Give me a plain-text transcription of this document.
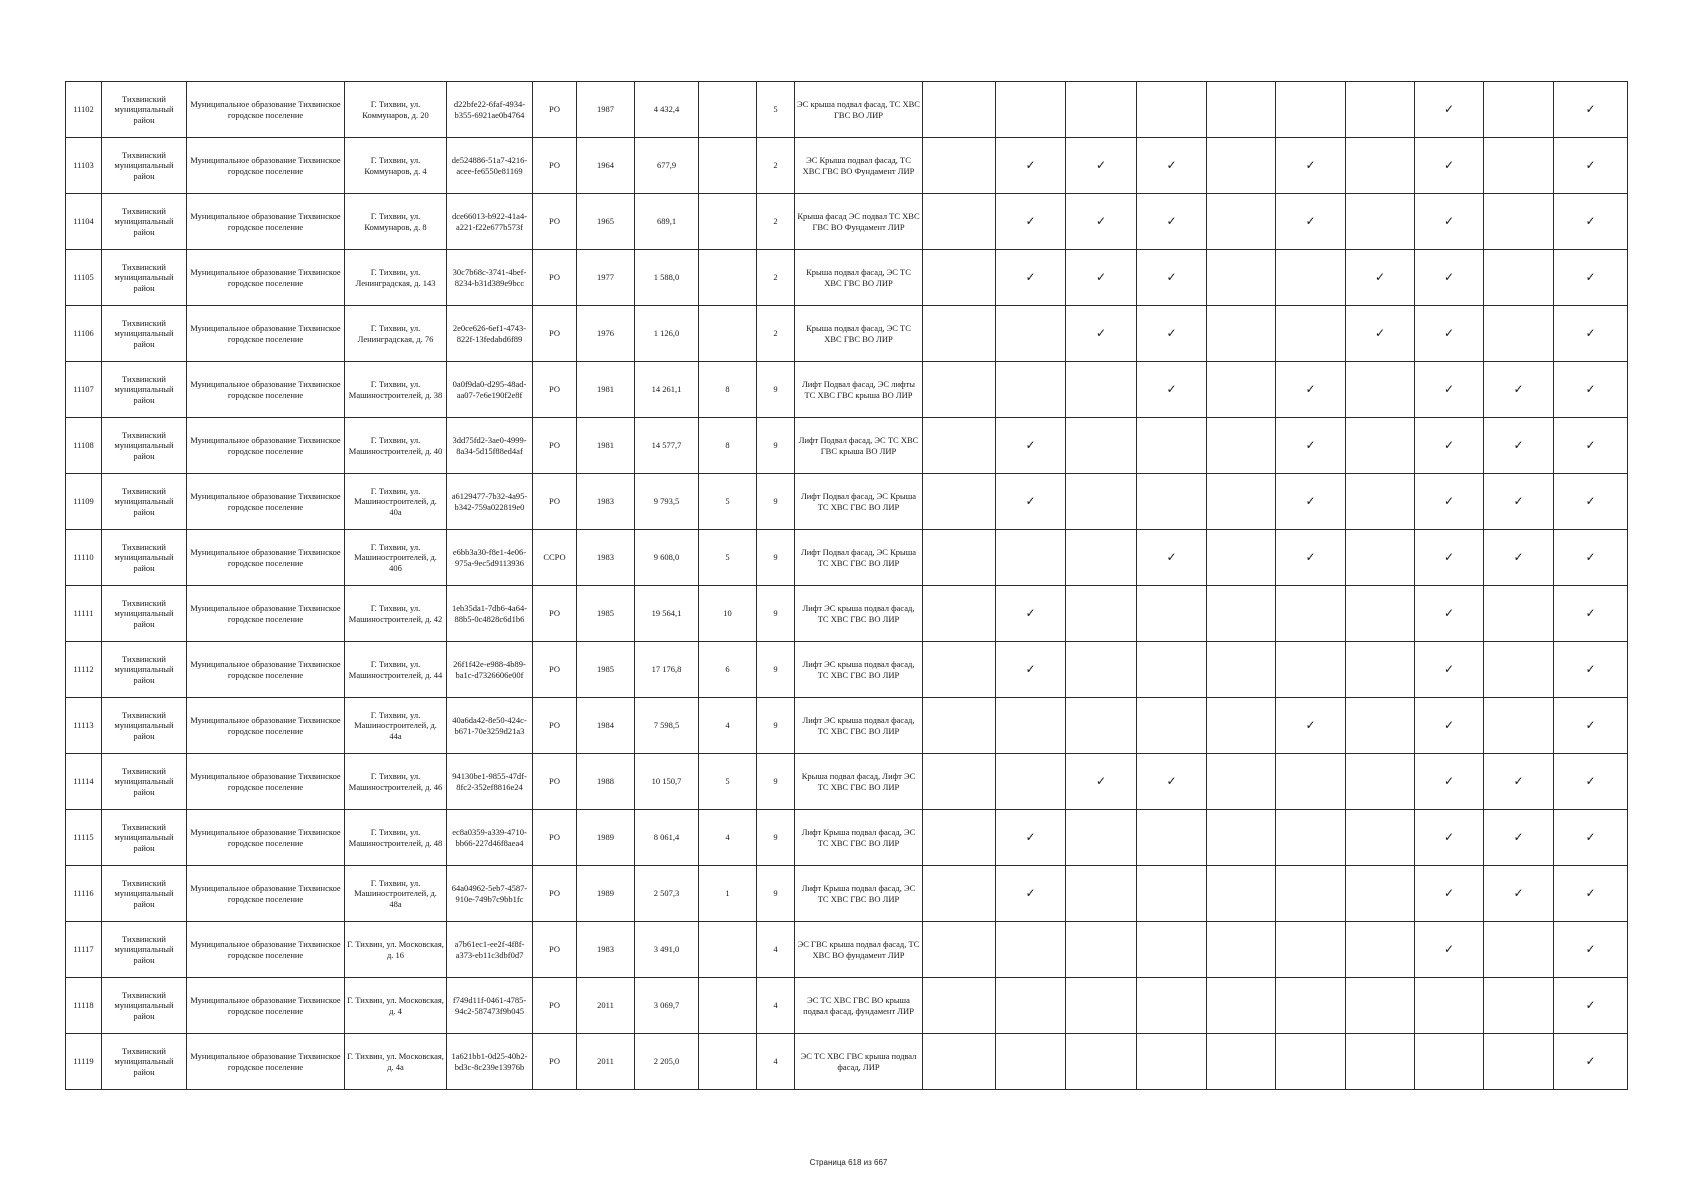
11102	Тихвинский муниципальный район	Муниципальное образование Тихвинское городское поселение	Г. Тихвин, ул. Коммунаров, д. 20	d22bfe22-6faf-4934-b355-6921ae0b4764	РО	1987	4 432,4		5	ЭС крыша подвал фасад, ТС ХВС ГВС ВО ЛИР								✓		✓
11103	Тихвинский муниципальный район	Муниципальное образование Тихвинское городское поселение	Г. Тихвин, ул. Коммунаров, д. 4	de524886-51a7-4216-acee-fe6550e81169	РО	1964	677,9		2	ЭС Крыша подвал фасад, ТС ХВС ГВС ВО Фундамент ЛИР		✓	✓	✓		✓		✓		✓
11104	Тихвинский муниципальный район	Муниципальное образование Тихвинское городское поселение	Г. Тихвин, ул. Коммунаров, д. 8	dce66013-b922-41a4-a221-f22e677b573f	РО	1965	689,1		2	Крыша фасад ЭС подвал ТС ХВС ГВС ВО Фундамент ЛИР		✓	✓	✓		✓		✓		✓
11105	Тихвинский муниципальный район	Муниципальное образование Тихвинское городское поселение	Г. Тихвин, ул. Ленинградская, д. 143	30c7b68c-3741-4bef-8234-b31d389e9bcc	РО	1977	1 588,0		2	Крыша подвал фасад, ЭС ТС ХВС ГВС ВО ЛИР		✓	✓	✓			✓	✓		✓
11106	Тихвинский муниципальный район	Муниципальное образование Тихвинское городское поселение	Г. Тихвин, ул. Ленинградская, д. 76	2e0ce626-6ef1-4743-822f-13fedabd6f89	РО	1976	1 126,0		2	Крыша подвал фасад, ЭС ТС ХВС ГВС ВО ЛИР			✓	✓			✓	✓		✓
11107	Тихвинский муниципальный район	Муниципальное образование Тихвинское городское поселение	Г. Тихвин, ул. Машиностроителей, д. 38	0a0f9da0-d295-48ad-aa07-7e6e190f2e8f	РО	1981	14 261,1	8	9	Лифт Подвал фасад, ЭС лифты ТС ХВС ГВС крыша ВО ЛИР				✓		✓		✓	✓	✓
11108	Тихвинский муниципальный район	Муниципальное образование Тихвинское городское поселение	Г. Тихвин, ул. Машиностроителей, д. 40	3dd75fd2-3ae0-4999-8a34-5d15f88ed4af	РО	1981	14 577,7	8	9	Лифт Подвал фасад, ЭС ТС ХВС ГВС крыша ВО ЛИР		✓				✓		✓	✓	✓
11109	Тихвинский муниципальный район	Муниципальное образование Тихвинское городское поселение	Г. Тихвин, ул. Машиностроителей, д. 40а	a6129477-7b32-4a95-b342-759a022819e0	РО	1983	9 793,5	5	9	Лифт Подвал фасад, ЭС Крыша ТС ХВС ГВС ВО ЛИР		✓				✓		✓	✓	✓
11110	Тихвинский муниципальный район	Муниципальное образование Тихвинское городское поселение	Г. Тихвин, ул. Машиностроителей, д. 40б	e6bb3a30-f8e1-4e06-975a-9ec5d9113936	ССРО	1983	9 608,0	5	9	Лифт Подвал фасад, ЭС Крыша ТС ХВС ГВС ВО ЛИР				✓		✓		✓	✓	✓
11111	Тихвинский муниципальный район	Муниципальное образование Тихвинское городское поселение	Г. Тихвин, ул. Машиностроителей, д. 42	1eb35da1-7db6-4a64-88b5-0c4828c6d1b6	РО	1985	19 564,1	10	9	Лифт ЭС крыша подвал фасад, ТС ХВС ГВС ВО ЛИР		✓						✓		✓
11112	Тихвинский муниципальный район	Муниципальное образование Тихвинское городское поселение	Г. Тихвин, ул. Машиностроителей, д. 44	26f1f42e-e988-4b89-ba1c-d7326606e00f	РО	1985	17 176,8	6	9	Лифт ЭС крыша подвал фасад, ТС ХВС ГВС ВО ЛИР		✓						✓		✓
11113	Тихвинский муниципальный район	Муниципальное образование Тихвинское городское поселение	Г. Тихвин, ул. Машиностроителей, д. 44а	40a6da42-8e50-424c-b671-70e3259d21a3	РО	1984	7 598,5	4	9	Лифт ЭС крыша подвал фасад, ТС ХВС ГВС ВО ЛИР						✓		✓		✓
11114	Тихвинский муниципальный район	Муниципальное образование Тихвинское городское поселение	Г. Тихвин, ул. Машиностроителей, д. 46	94130be1-9855-47df-8fc2-352ef8816e24	РО	1988	10 150,7	5	9	Крыша подвал фасад, Лифт ЭС ТС ХВС ГВС ВО ЛИР			✓	✓				✓	✓	✓
11115	Тихвинский муниципальный район	Муниципальное образование Тихвинское городское поселение	Г. Тихвин, ул. Машиностроителей, д. 48	ec8a0359-a339-4710-bb66-227d46f8aea4	РО	1989	8 061,4	4	9	Лифт Крыша подвал фасад, ЭС ТС ХВС ГВС ВО ЛИР		✓						✓	✓	✓
11116	Тихвинский муниципальный район	Муниципальное образование Тихвинское городское поселение	Г. Тихвин, ул. Машиностроителей, д. 48а	64a04962-5eb7-4587-910e-749b7c9bb1fc	РО	1989	2 507,3	1	9	Лифт Крыша подвал фасад, ЭС ТС ХВС ГВС ВО ЛИР		✓						✓	✓	✓
11117	Тихвинский муниципальный район	Муниципальное образование Тихвинское городское поселение	Г. Тихвин, ул. Московская, д. 16	a7b61ec1-ee2f-4f8f-a373-eb11c3dbf0d7	РО	1983	3 491,0		4	ЭС ГВС крыша подвал фасад, ТС ХВС ВО фундамент ЛИР								✓		✓
11118	Тихвинский муниципальный район	Муниципальное образование Тихвинское городское поселение	Г. Тихвин, ул. Московская, д. 4	f749d11f-0461-4785-94c2-587473f9b045	РО	2011	3 069,7		4	ЭС ТС ХВС ГВС ВО крыша подвал фасад, фундамент ЛИР										✓
11119	Тихвинский муниципальный район	Муниципальное образование Тихвинское городское поселение	Г. Тихвин, ул. Московская, д. 4а	1a621bb1-0d25-40b2-bd3c-8c239e13976b	РО	2011	2 205,0		4	ЭС ТС ХВС ГВС крыша подвал фасад, ЛИР										✓
Страница 618 из 667
